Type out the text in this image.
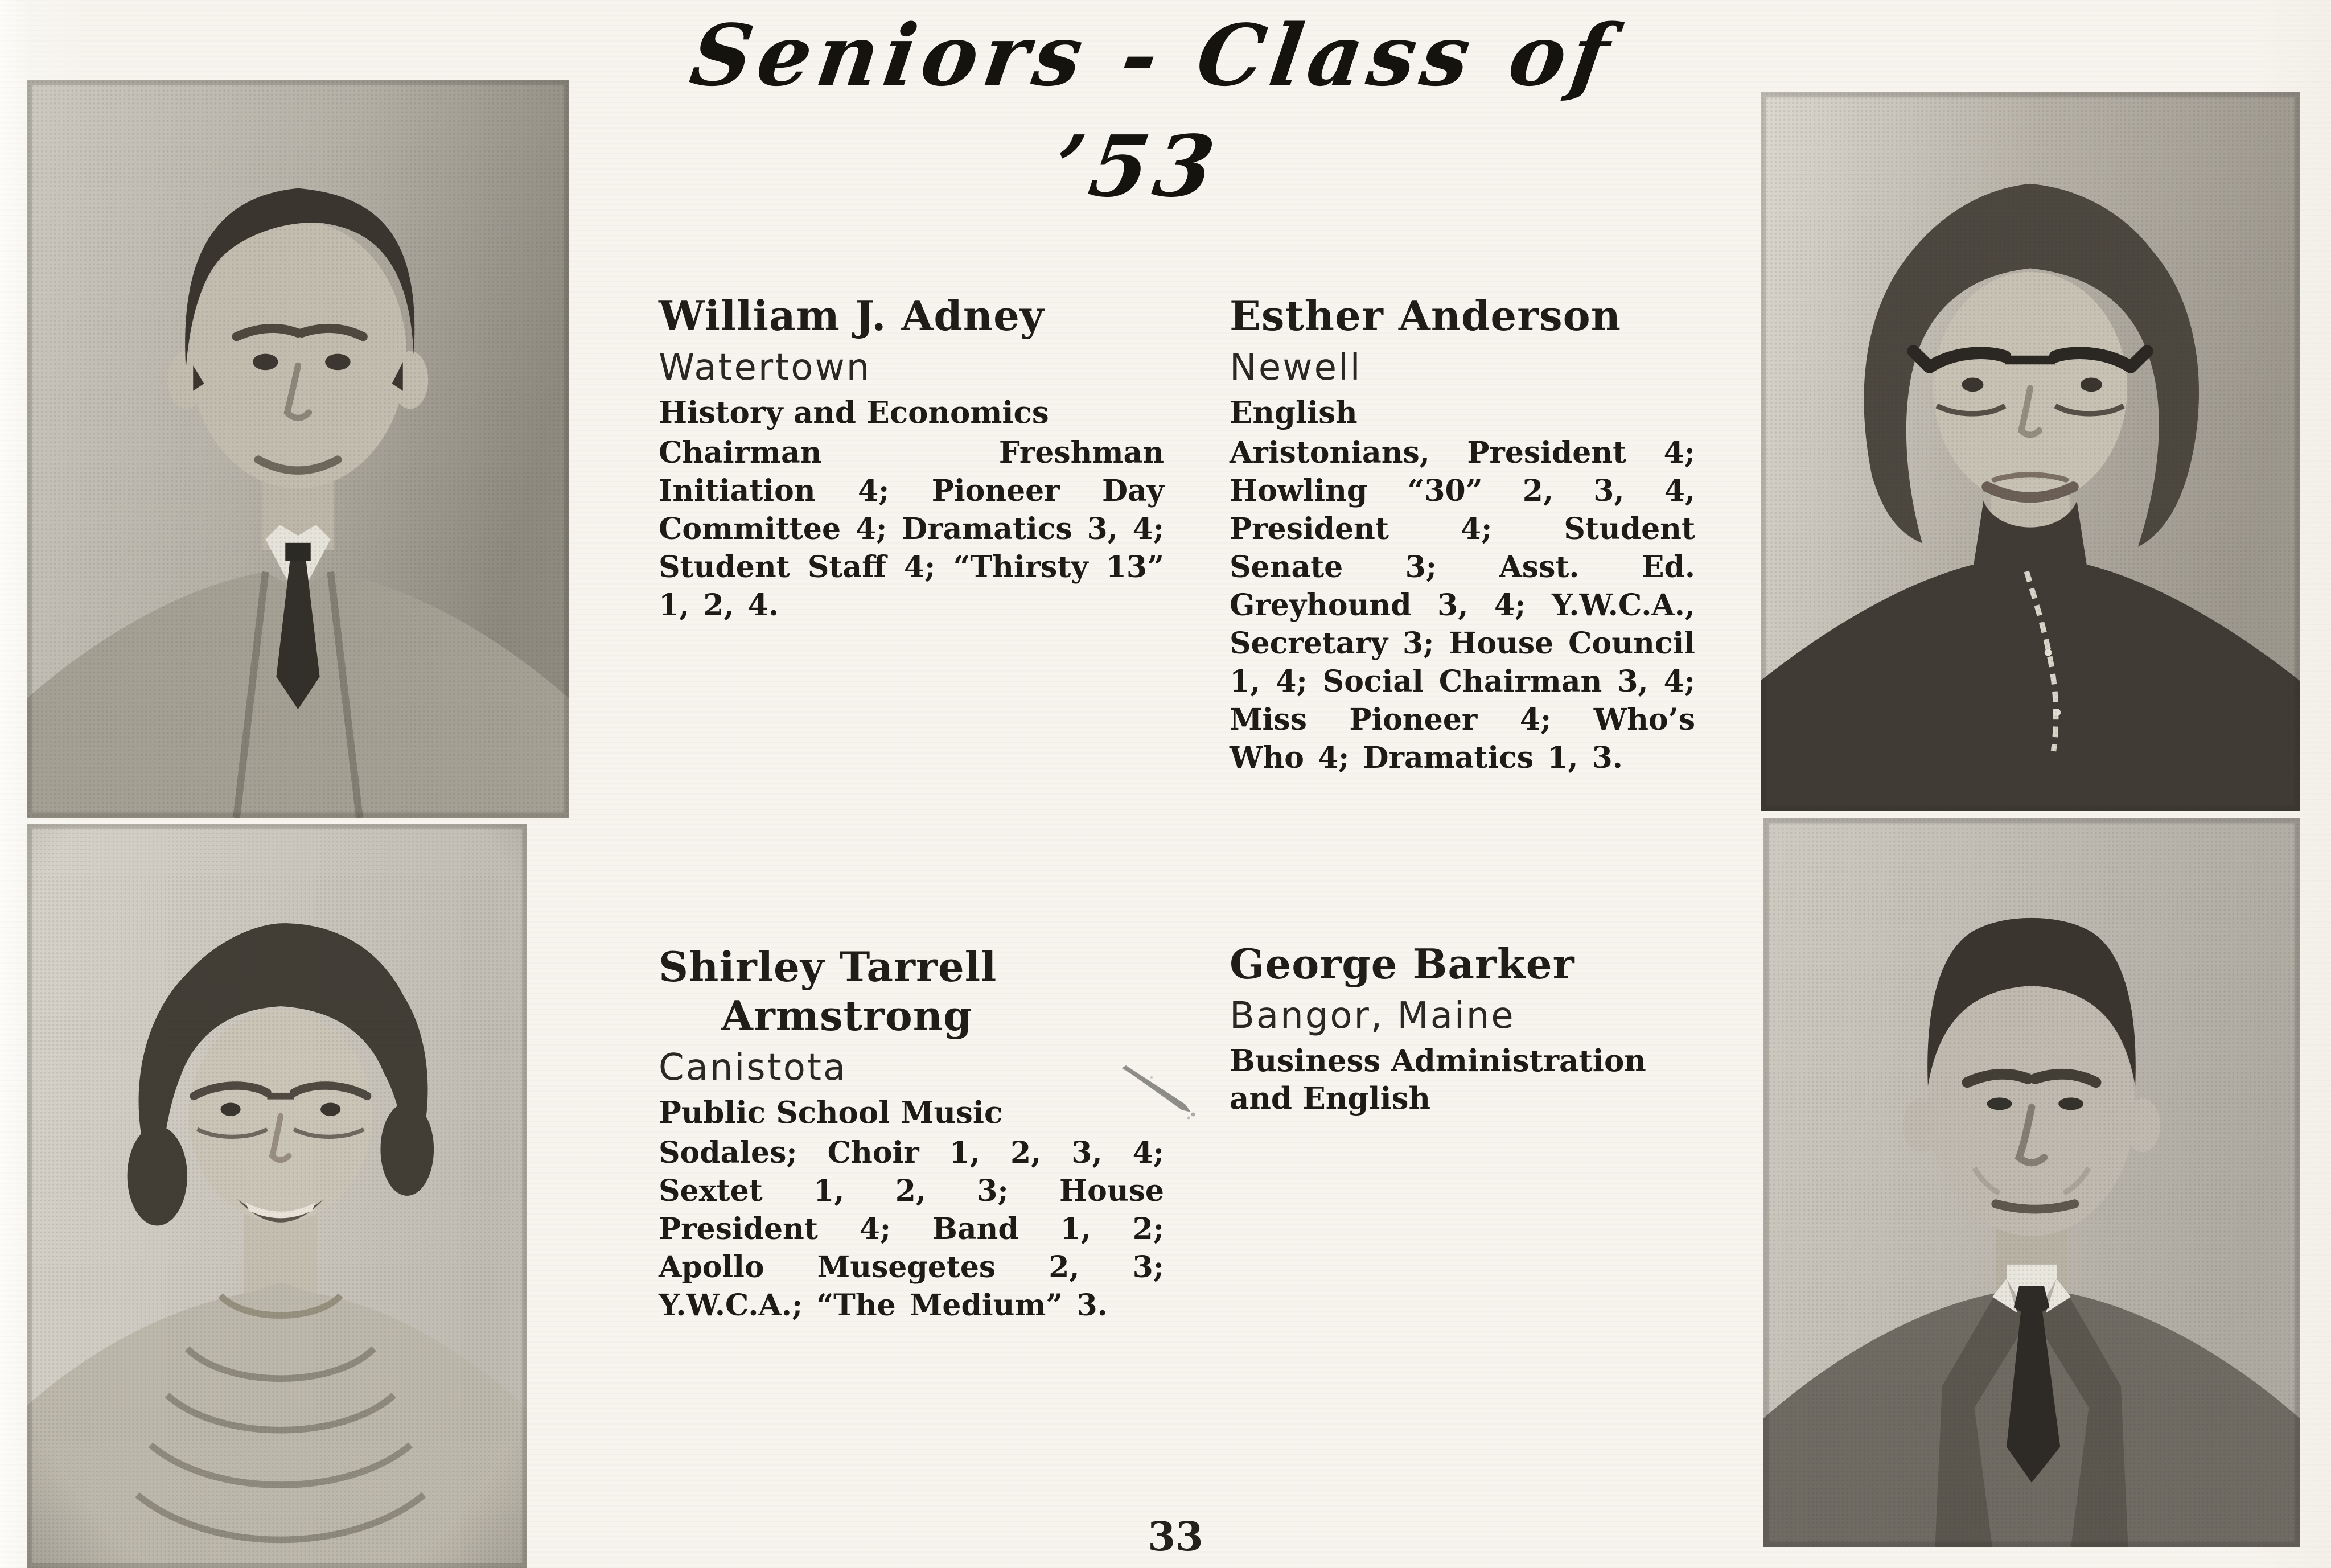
Seniors - Class of ’53
William J. Adney
Watertown
History and Economics
Chairman Freshman Initiation 4; Pioneer Day Committee 4; Dramatics 3, 4; Student Staff 4; “Thirsty 13” 1, 2, 4.
Esther Anderson
Newell
English
Aristonians, President 4; Howling “30” 2, 3, 4, President 4; Student Senate 3; Asst. Ed. Greyhound 3, 4; Y.W.C.A., Secretary 3; House Council 1, 4; Social Chairman 3, 4; Miss Pioneer 4; Who’s Who 4; Dramatics 1, 3.
Shirley Tarrell
Armstrong
Canistota
Public School Music
Sodales; Choir 1, 2, 3, 4; Sextet 1, 2, 3; House President 4; Band 1, 2; Apollo Musegetes 2, 3; Y.W.C.A.; “The Medium” 3.
George Barker
Bangor, Maine
Business Administration and English
33
